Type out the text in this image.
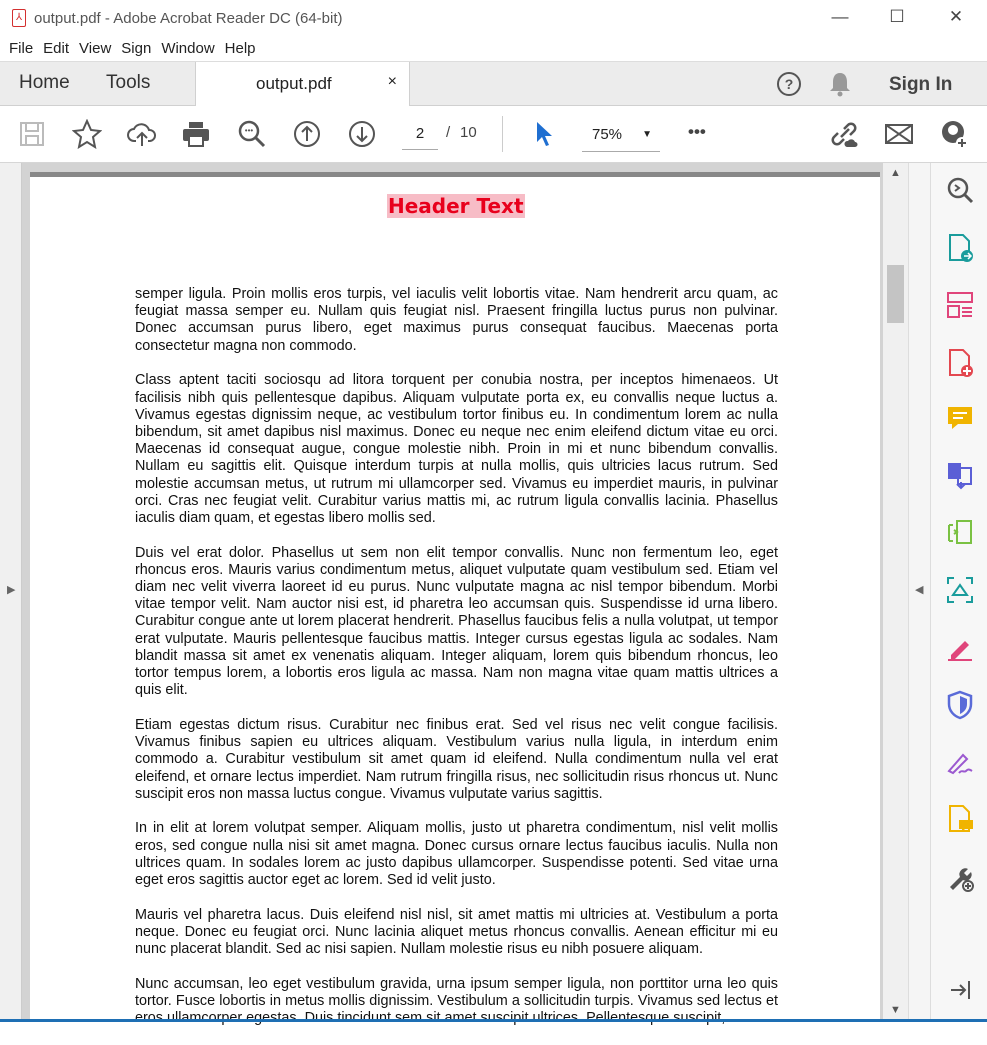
⅄ output.pdf - Adobe Acrobat Reader DC (64-bit)	—	☐	✕
File Edit View Sign Window Help
Home Tools	output.pdf	×	?	Sign In
•••	2	/ 10	75% ▼ •••
▶
Header Text

semper ligula. Proin mollis eros turpis, vel iaculis velit lobortis vitae. Nam hendrerit arcu quam, ac feugiat massa semper eu. Nullam quis feugiat nisl. Praesent fringilla luctus purus non pulvinar. Donec accumsan purus libero, eget maximus purus consequat faucibus. Maecenas porta consectetur magna non commodo.

Class aptent taciti sociosqu ad litora torquent per conubia nostra, per inceptos himenaeos. Ut facilisis nibh quis pellentesque dapibus. Aliquam vulputate porta ex, eu convallis neque luctus a. Vivamus egestas dignissim neque, ac vestibulum tortor finibus eu. In condimentum lorem ac nulla bibendum, sit amet dapibus nisl maximus. Donec eu neque nec enim eleifend dictum vitae eu orci. Maecenas id consequat augue, congue molestie nibh. Proin in mi et nunc bibendum convallis. Nullam eu sagittis elit. Quisque interdum turpis at nulla mollis, quis ultricies lacus rutrum. Sed molestie accumsan metus, ut rutrum mi ullamcorper sed. Vivamus eu imperdiet mauris, in pulvinar orci. Cras nec feugiat velit. Curabitur varius mattis mi, ac rutrum ligula convallis lacinia. Phasellus iaculis diam quam, et egestas libero mollis sed.

Duis vel erat dolor. Phasellus ut sem non elit tempor convallis. Nunc non fermentum leo, eget rhoncus eros. Mauris varius condimentum metus, aliquet vulputate quam vestibulum sed. Etiam vel diam nec velit viverra laoreet id eu purus. Nunc vulputate magna ac nisl tempor bibendum. Morbi vitae tempor velit. Nam auctor nisi est, id pharetra leo accumsan quis. Suspendisse id urna libero. Curabitur congue ante ut lorem placerat hendrerit. Phasellus faucibus felis a nulla volutpat, ut tempor erat vulputate. Mauris pellentesque faucibus mattis. Integer cursus egestas ligula ac sodales. Nam blandit massa sit amet ex venenatis aliquam. Integer aliquam, lorem quis bibendum rhoncus, leo tortor tempus lorem, a lobortis eros ligula ac massa. Nam non magna vitae quam mattis ultrices a quis elit.

Etiam egestas dictum risus. Curabitur nec finibus erat. Sed vel risus nec velit congue facilisis. Vivamus finibus sapien eu ultrices aliquam. Vestibulum varius nulla ligula, in interdum enim commodo a. Curabitur vestibulum sit amet quam id eleifend. Nulla condimentum nulla vel erat eleifend, et ornare lectus imperdiet. Nam rutrum fringilla risus, nec sollicitudin risus rhoncus ut. Nunc suscipit eros non massa luctus congue. Vivamus vulputate varius sagittis.

In in elit at lorem volutpat semper. Aliquam mollis, justo ut pharetra condimentum, nisl velit mollis eros, sed congue nulla nisi sit amet magna. Donec cursus ornare lectus faucibus iaculis. Nulla non ultrices quam. In sodales lorem ac justo dapibus ullamcorper. Suspendisse potenti. Sed vitae urna eget eros sagittis auctor eget ac lorem. Sed id velit justo.

Mauris vel pharetra lacus. Duis eleifend nisl nisl, sit amet mattis mi ultricies at. Vestibulum a porta neque. Donec eu feugiat orci. Nunc lacinia aliquet metus rhoncus convallis. Aenean efficitur mi eu nunc placerat blandit. Sed ac nisi sapien. Nullam molestie risus eu nibh posuere aliquam.

Nunc accumsan, leo eget vestibulum gravida, urna ipsum semper ligula, non porttitor urna leo quis tortor. Fusce lobortis in metus mollis dignissim. Vestibulum a sollicitudin turpis. Vivamus sed lectus et

▲
▼
◀
